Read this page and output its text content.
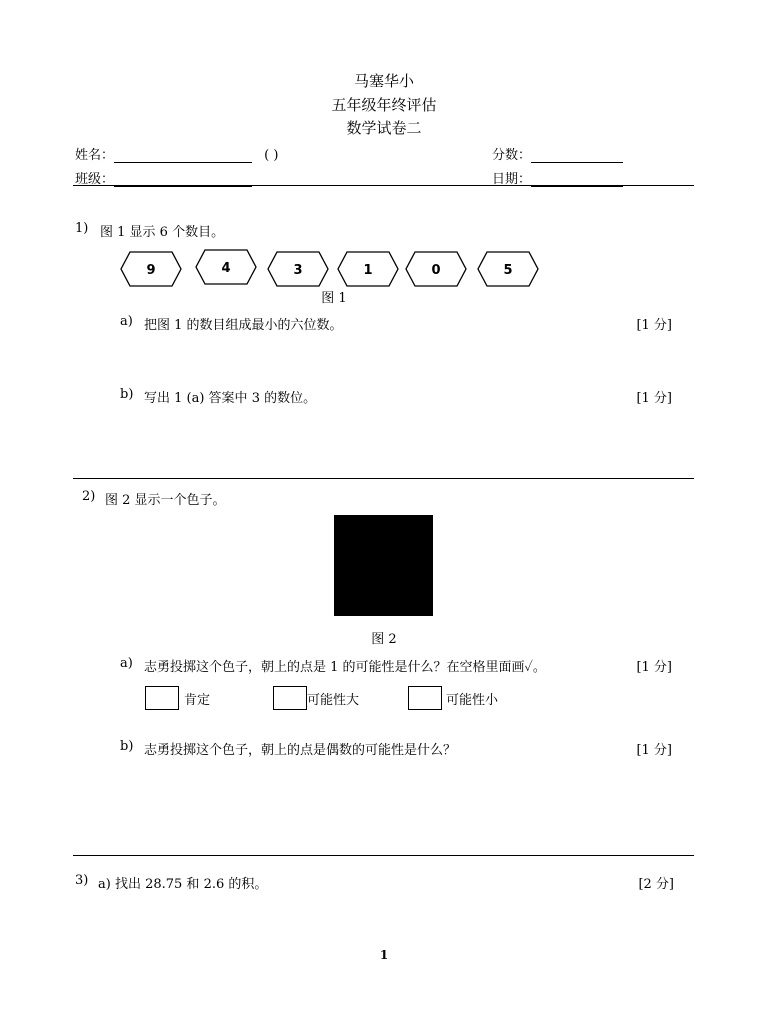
马塞华小
五年级年终评估
数学试卷二
姓名：	( )	分数：
班级：	日期：
1) 图 1 显示 6 个数目。
9	4	3	1	0	5
图 1
a) 把图 1 的数目组成最小的六位数。	[1 分]
b) 写出 1 (a) 答案中 3 的数位。	[1 分]
2) 图 2 显示一个色子。
图 2
a) 志勇投掷这个色子，朝上的点是 1 的可能性是什么？在空格里面画✓。	[1 分]
肯定	可能性大	可能性小
b) 志勇投掷这个色子，朝上的点是偶数的可能性是什么？	[1 分]
3) a) 找出 28.75 和 2.6 的积。	[2 分]
1
